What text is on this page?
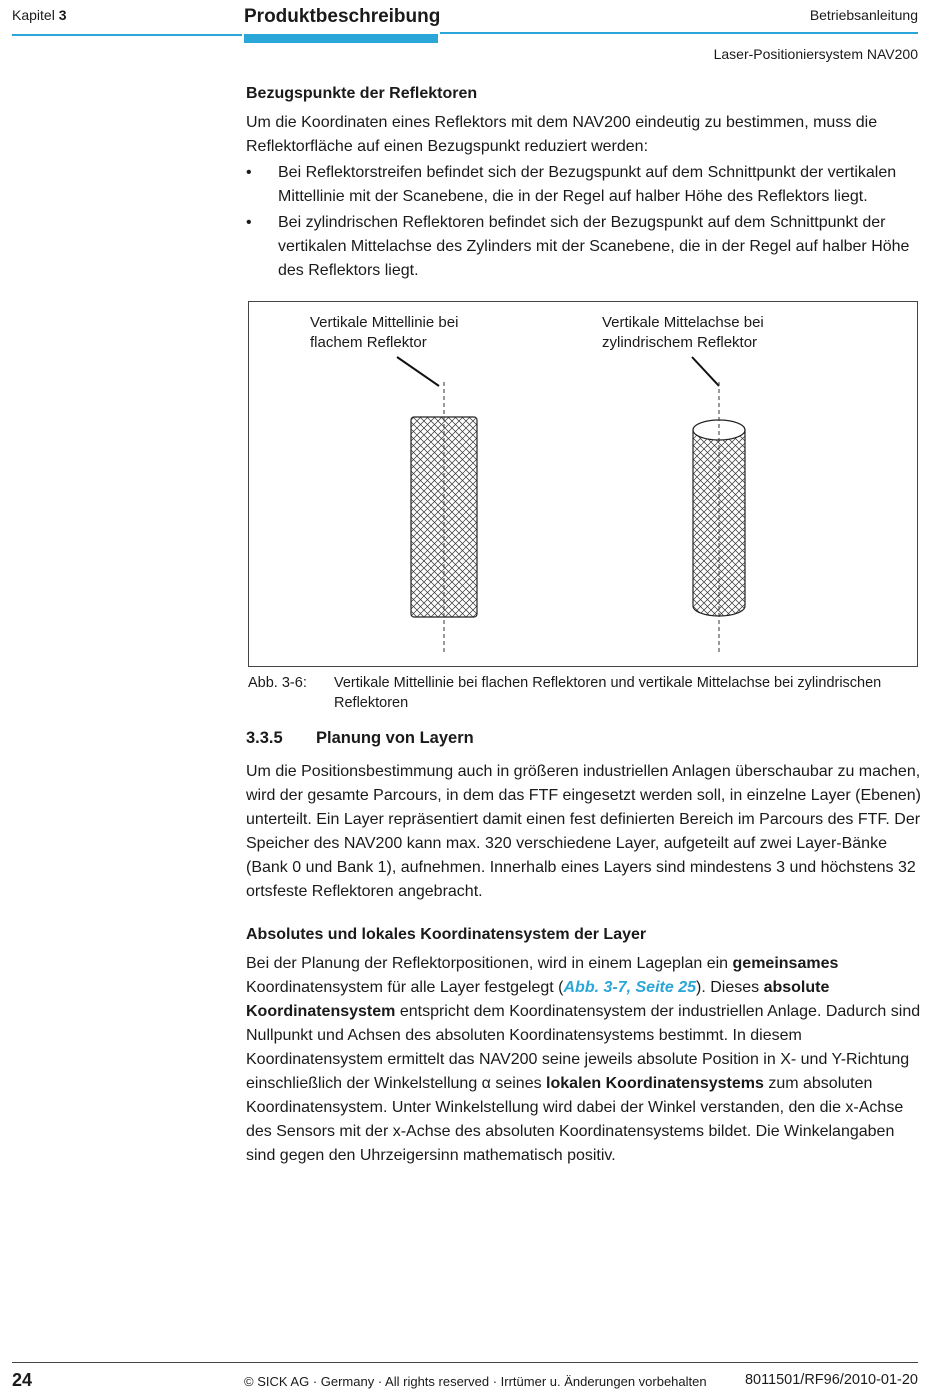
Kapitel 3	Produktbeschreibung	Betriebsanleitung
Laser-Positioniersystem NAV200
Bezugspunkte der Reflektoren

Um die Koordinaten eines Reflektors mit dem NAV200 eindeutig zu bestimmen, muss die Reflektorfläche auf einen Bezugspunkt reduziert werden:

• Bei Reflektorstreifen befindet sich der Bezugspunkt auf dem Schnittpunkt der vertikalen Mittellinie mit der Scanebene, die in der Regel auf halber Höhe des Reflektors liegt.
• Bei zylindrischen Reflektoren befindet sich der Bezugspunkt auf dem Schnittpunkt der vertikalen Mittelachse des Zylinders mit der Scanebene, die in der Regel auf halber Höhe des Reflektors liegt.
Vertikale Mittellinie bei
flachem Reflektor
Vertikale Mittelachse bei
zylindrischem Reflektor
Abb. 3-6: Vertikale Mittellinie bei flachen Reflektoren und vertikale Mittelachse bei zylindrischen Reflektoren
3.3.5 Planung von Layern

Um die Positionsbestimmung auch in größeren industriellen Anlagen überschaubar zu machen, wird der gesamte Parcours, in dem das FTF eingesetzt werden soll, in einzelne Layer (Ebenen) unterteilt. Ein Layer repräsentiert damit einen fest definierten Bereich im Parcours des FTF. Der Speicher des NAV200 kann max. 320 verschiedene Layer, aufgeteilt auf zwei Layer-Bänke (Bank 0 und Bank 1), aufnehmen. Innerhalb eines Layers sind mindestens 3 und höchstens 32 ortsfeste Reflektoren angebracht.

Absolutes und lokales Koordinatensystem der Layer

Bei der Planung der Reflektorpositionen, wird in einem Lageplan ein gemeinsames Koordinatensystem für alle Layer festgelegt (Abb. 3-7, Seite 25). Dieses absolute Koordinatensystem entspricht dem Koordinatensystem der industriellen Anlage. Dadurch sind Nullpunkt und Achsen des absoluten Koordinatensystems bestimmt. In diesem Koordinatensystem ermittelt das NAV200 seine jeweils absolute Position in X- und Y-Richtung einschließlich der Winkelstellung α seines lokalen Koordinatensystems zum absoluten Koordinatensystem. Unter Winkelstellung wird dabei der Winkel verstanden, den die x-Achse des Sensors mit der x-Achse des absoluten Koordinatensystems bildet. Die Winkelangaben sind gegen den Uhrzeigersinn mathematisch positiv.

24	© SICK AG · Germany · All rights reserved · Irrtümer u. Änderungen vorbehalten	8011501/RF96/2010-01-20
